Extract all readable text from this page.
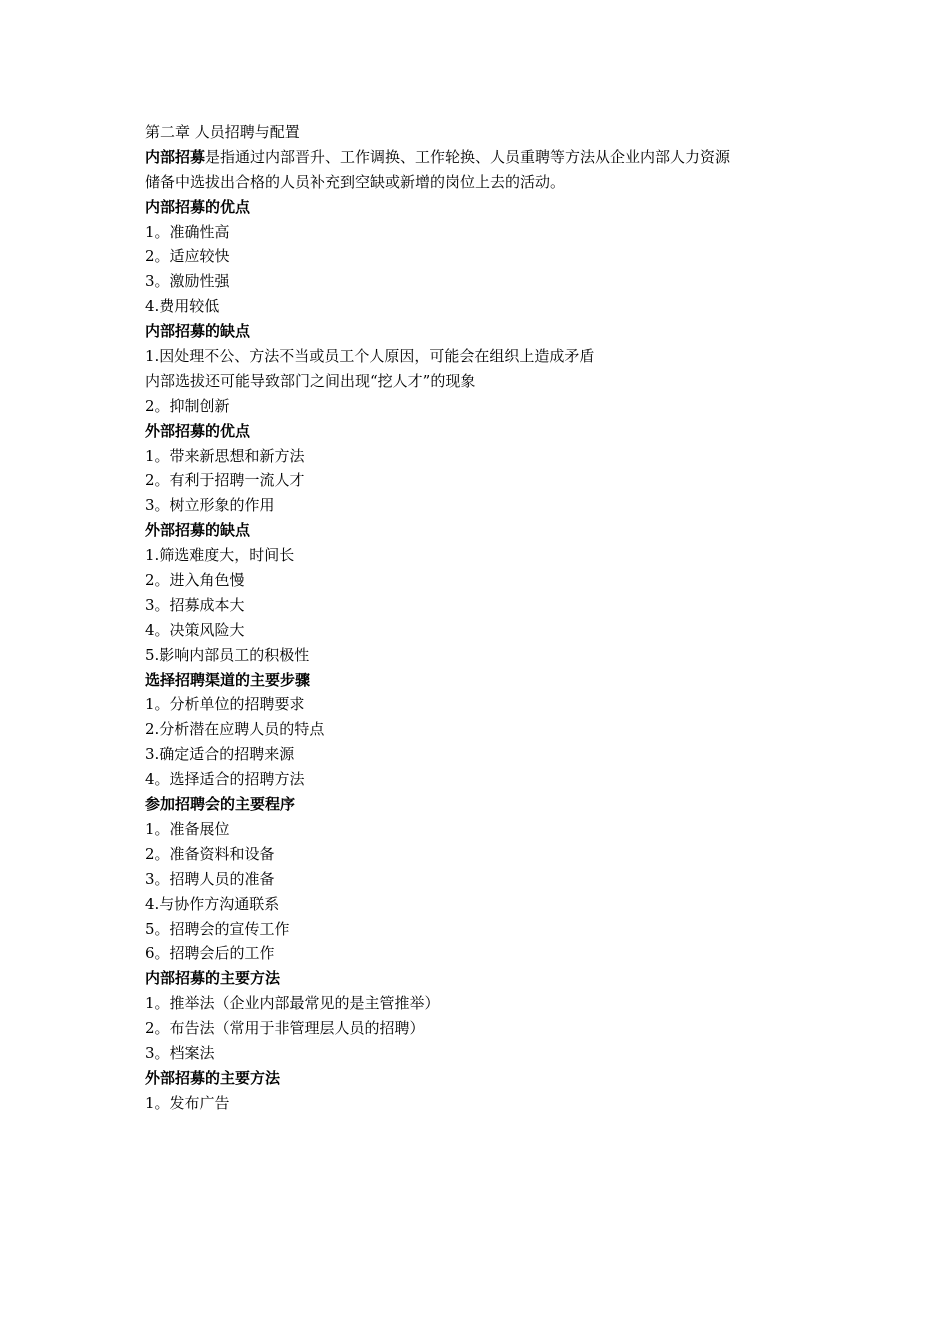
第二章 人员招聘与配置
内部招募是指通过内部晋升、工作调换、工作轮换、人员重聘等方法从企业内部人力资源
储备中选拔出合格的人员补充到空缺或新增的岗位上去的活动。
内部招募的优点
1。准确性高
2。适应较快
3。激励性强
4.费用较低
内部招募的缺点
1.因处理不公、方法不当或员工个人原因，可能会在组织上造成矛盾
内部选拔还可能导致部门之间出现“挖人才”的现象
2。抑制创新
外部招募的优点
1。带来新思想和新方法
2。有利于招聘一流人才
3。树立形象的作用
外部招募的缺点
1.筛选难度大，时间长
2。进入角色慢
3。招募成本大
4。决策风险大
5.影响内部员工的积极性
选择招聘渠道的主要步骤
1。分析单位的招聘要求
2.分析潜在应聘人员的特点
3.确定适合的招聘来源
4。选择适合的招聘方法
参加招聘会的主要程序
1。准备展位
2。准备资料和设备
3。招聘人员的准备
4.与协作方沟通联系
5。招聘会的宣传工作
6。招聘会后的工作
内部招募的主要方法
1。推举法（企业内部最常见的是主管推举）
2。布告法（常用于非管理层人员的招聘）
3。档案法
外部招募的主要方法
1。发布广告
